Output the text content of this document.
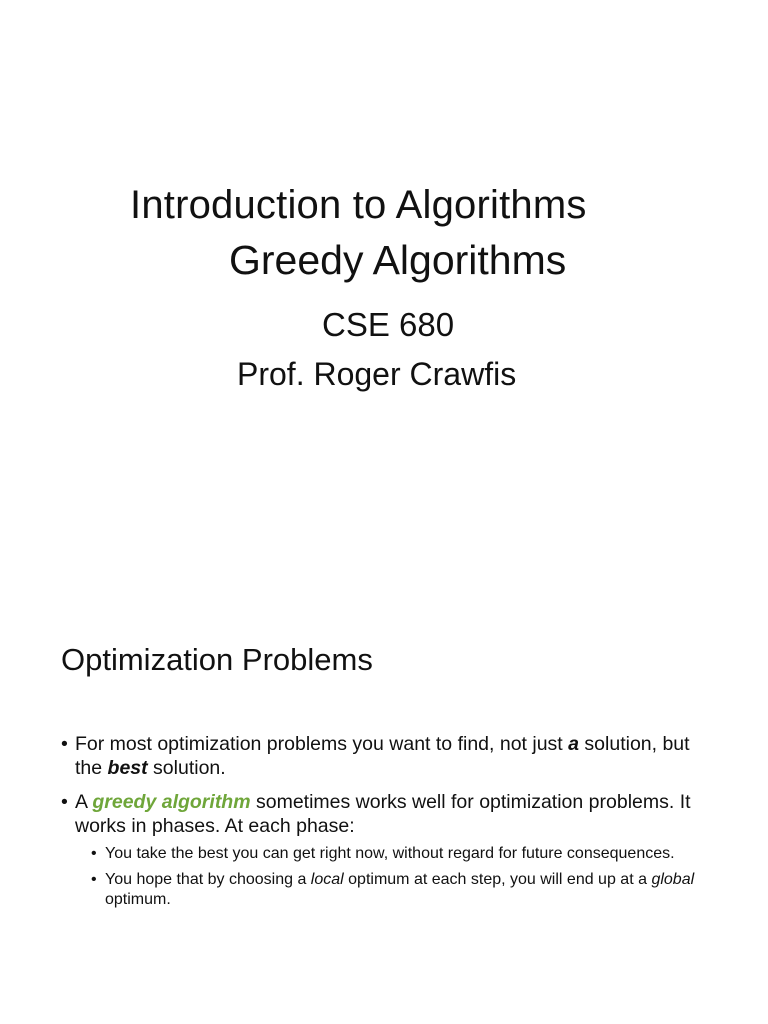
Introduction to Algorithms
Greedy Algorithms
CSE 680
Prof. Roger Crawfis
Optimization Problems
• For most optimization problems you want to find, not just a solution, but the best solution.
• A greedy algorithm sometimes works well for optimization problems. It works in phases. At each phase:
• You take the best you can get right now, without regard for future consequences.
• You hope that by choosing a local optimum at each step, you will end up at a global optimum.
